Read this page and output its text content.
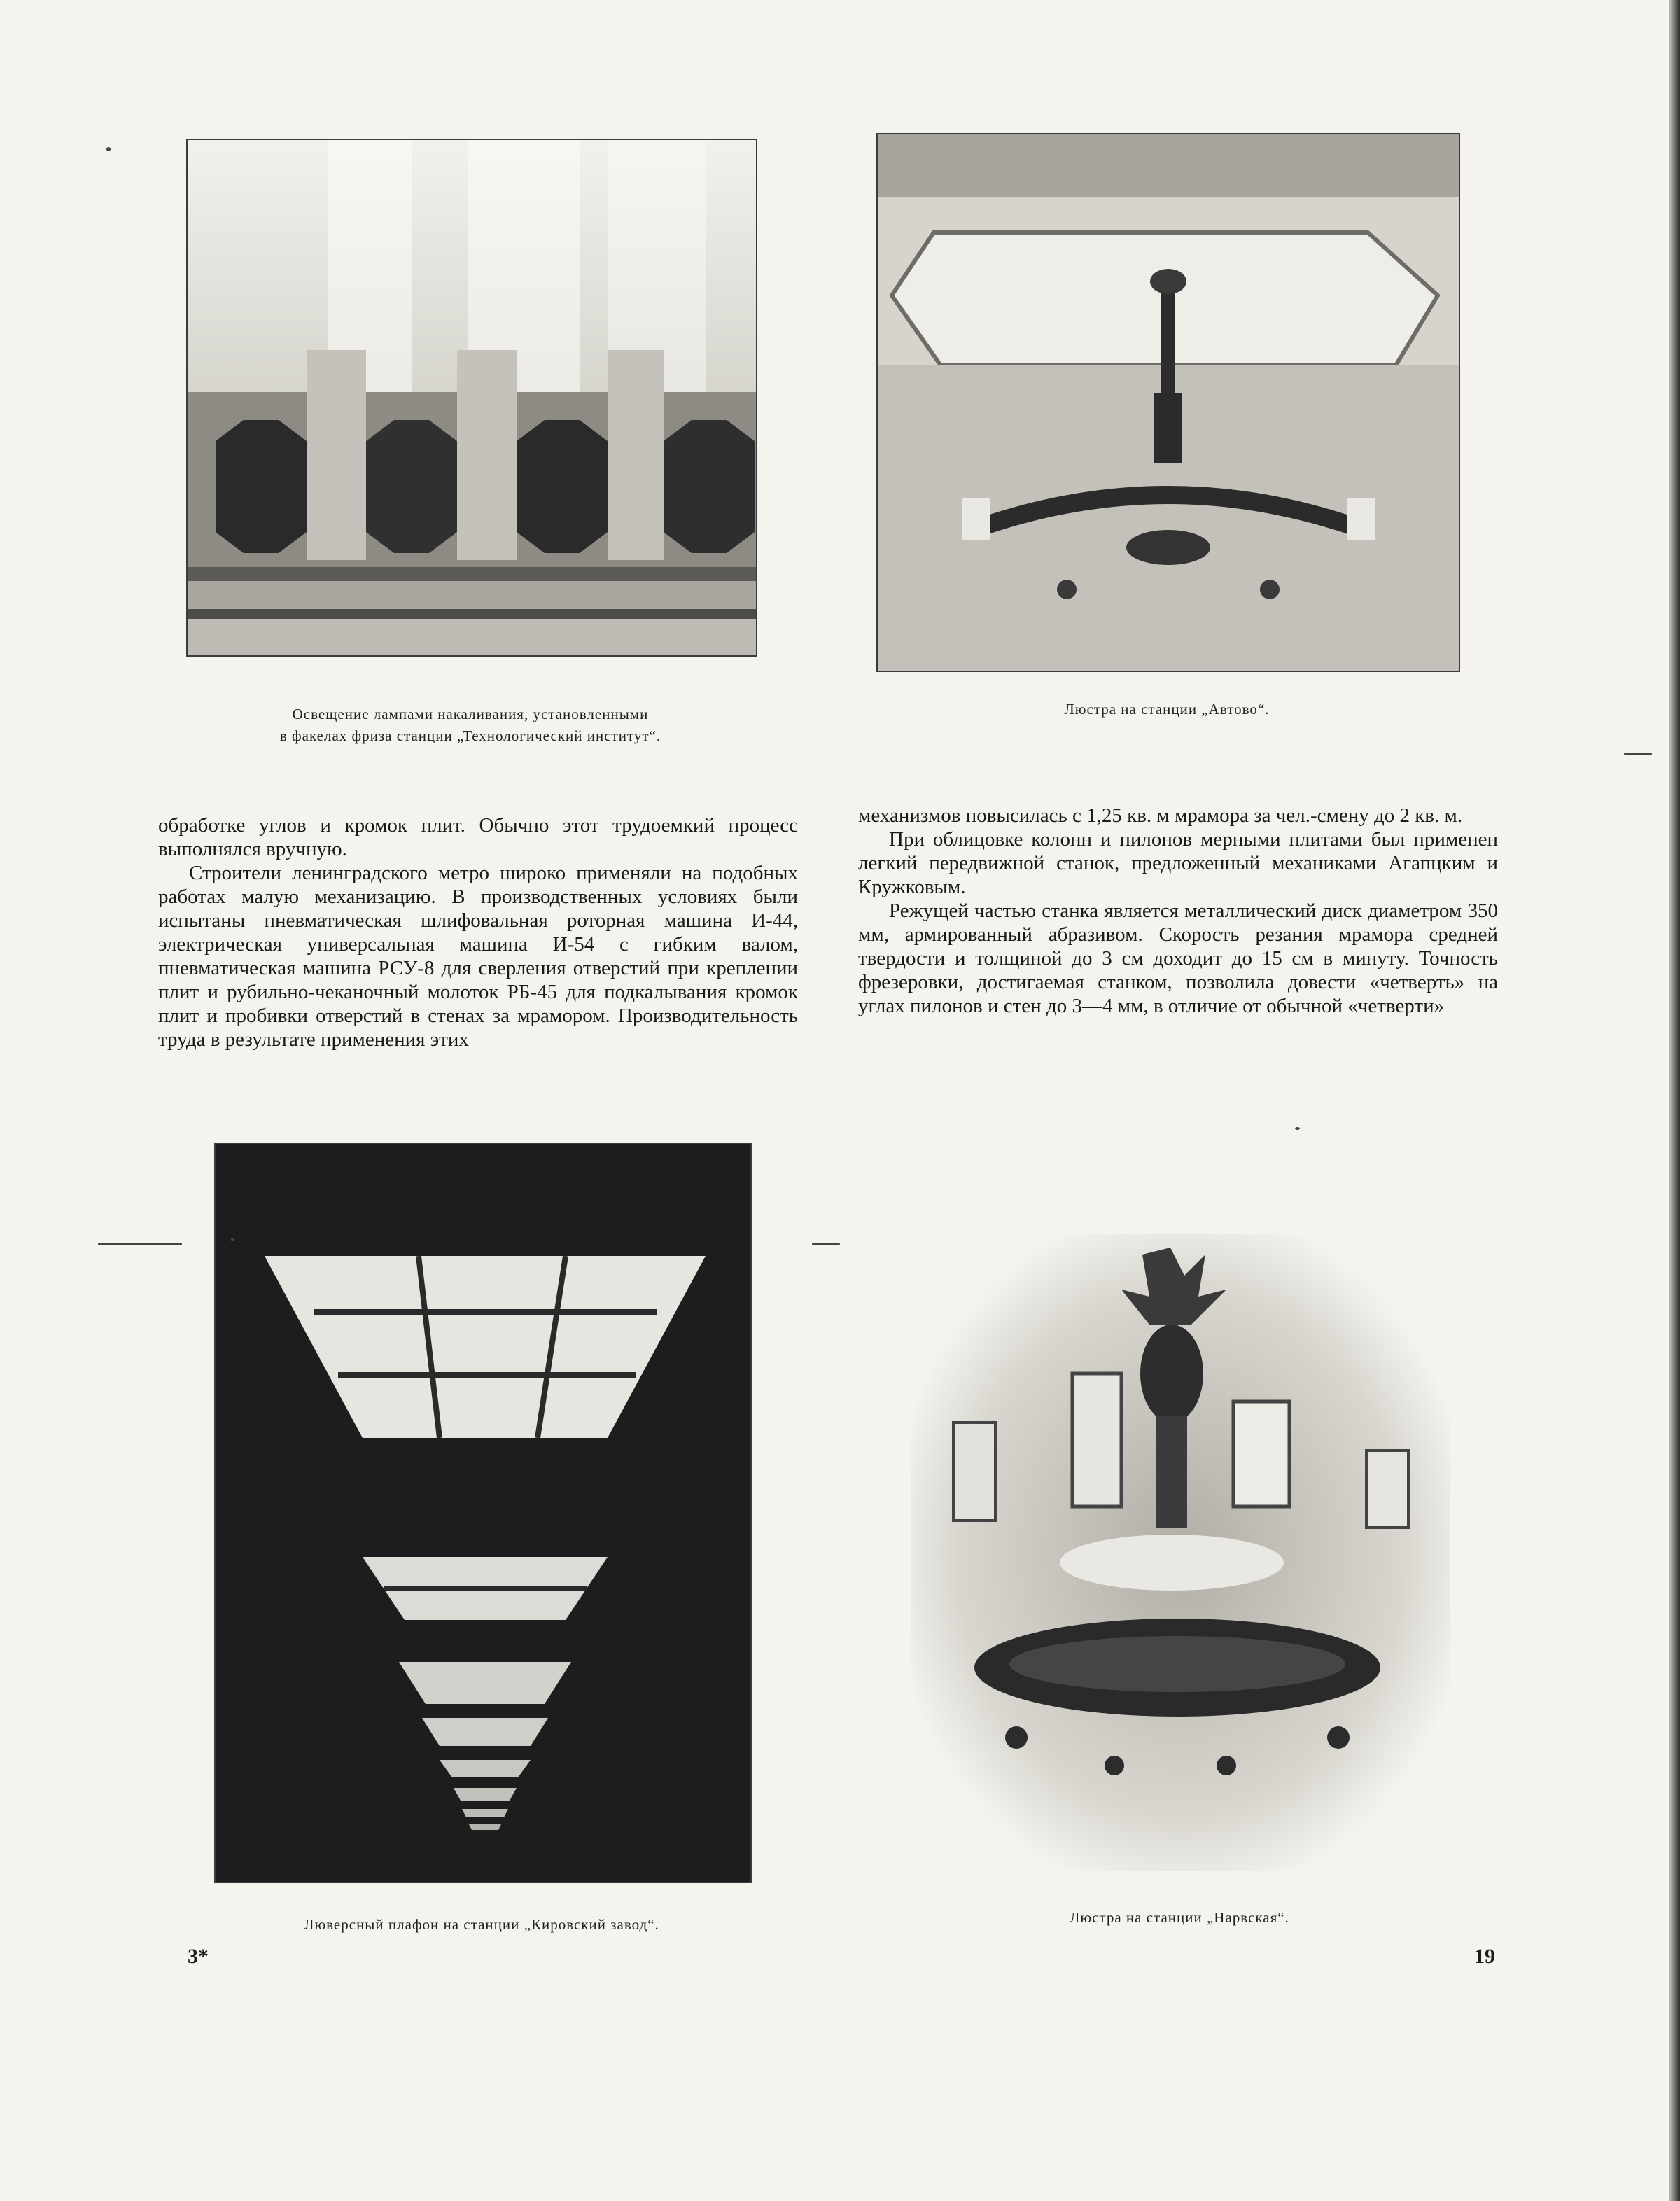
Освещение лампами накаливания, установленными
в факелах фриза станции „Технологический институт“.
Люстра на станции „Автово“.

обработке углов и кромок плит. Обычно этот трудоемкий процесс выполнялся вручную.

Строители ленинградского метро широко применяли на подобных работах малую механизацию. В производственных условиях были испытаны пневматическая шлифовальная роторная машина И-44, электрическая универсальная машина И-54 с гибким валом, пневматическая машина РСУ-8 для сверления отверстий при креплении плит и рубильно-чеканочный молоток РБ-45 для подкалывания кромок плит и пробивки отверстий в стенах за мрамором. Производительность труда в результате применения этих

механизмов повысилась с 1,25 кв. м мрамора за чел.-смену до 2 кв. м.

При облицовке колонн и пилонов мерными плитами был применен легкий передвижной станок, предложенный механиками Агапцким и Кружковым.

Режущей частью станка является металлический диск диаметром 350 мм, армированный абразивом. Скорость резания мрамора средней твердости и толщиной до 3 см доходит до 15 см в минуту. Точность фрезеровки, достигаемая станком, позволила довести «четверть» на углах пилонов и стен до 3—4 мм, в отличие от обычной «четверти»

Люверсный плафон на станции „Кировский завод“.	Люстра на станции „Нарвская“.
3*	19
